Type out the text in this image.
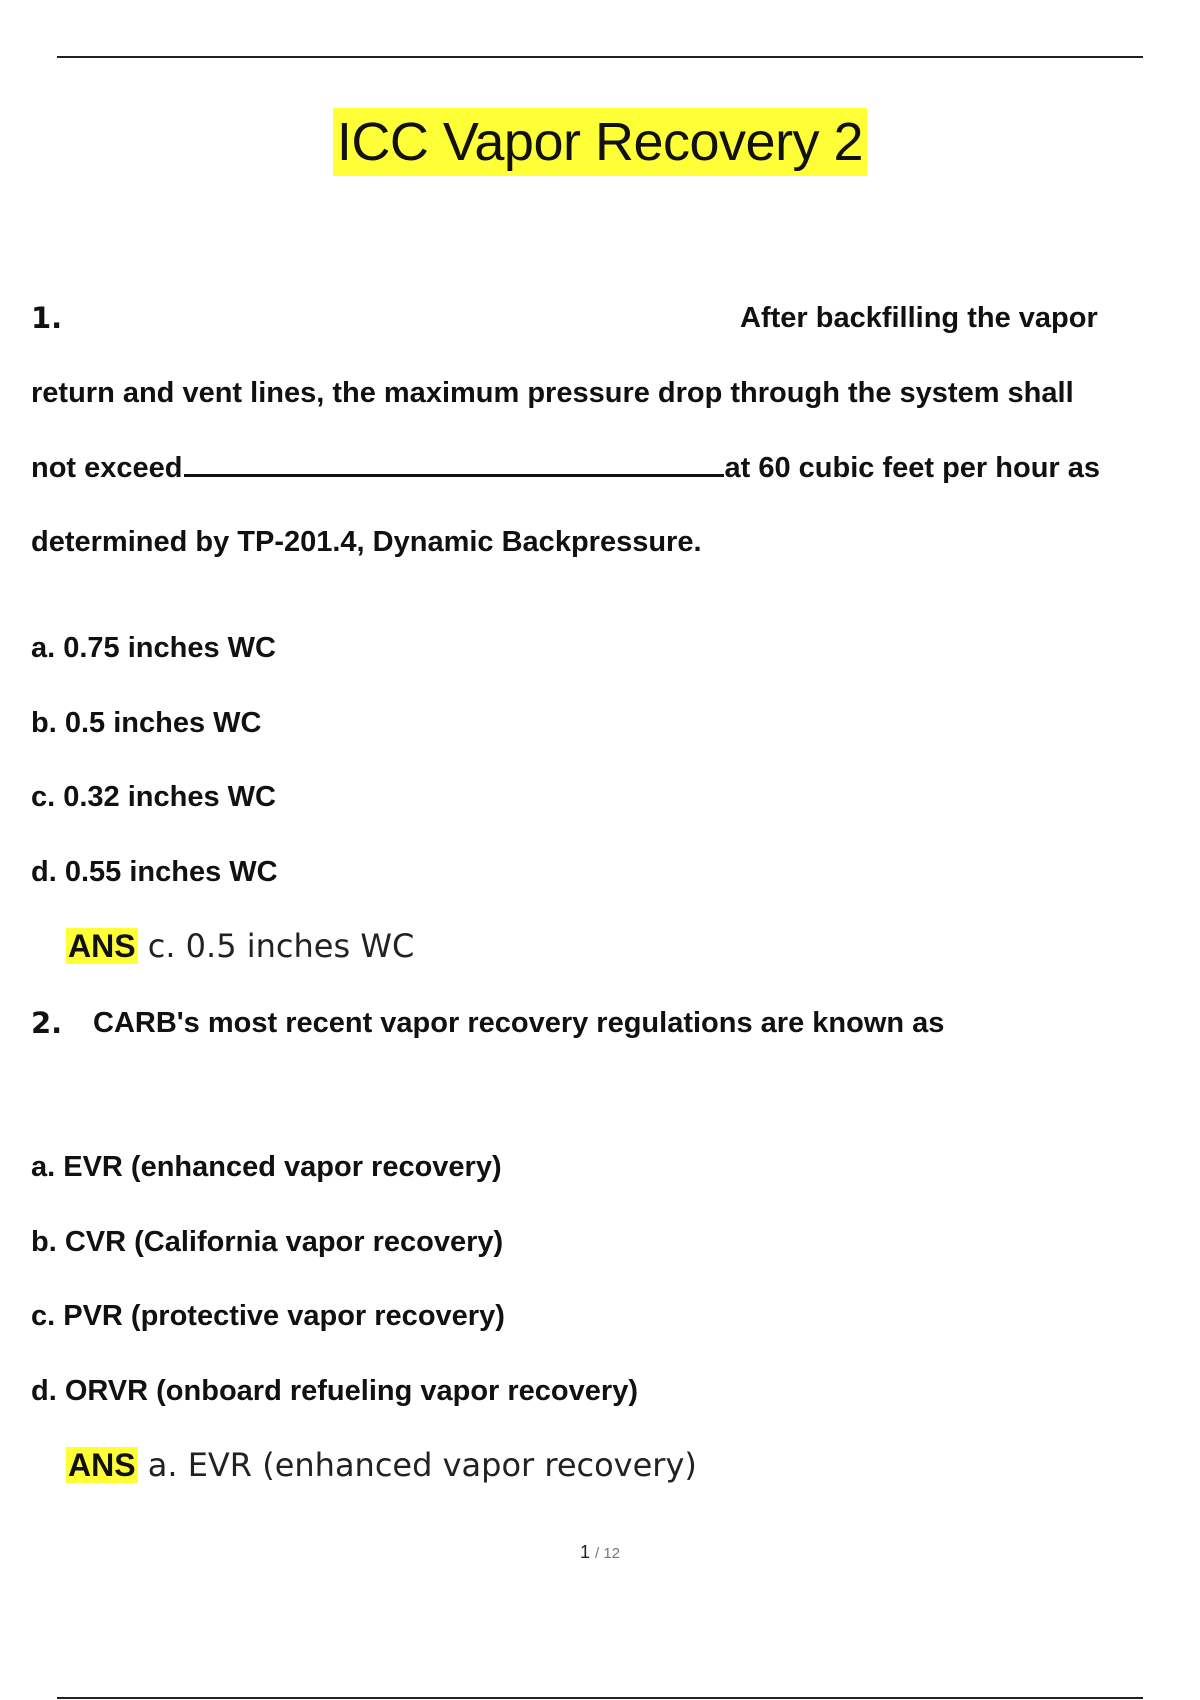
ICC Vapor Recovery 2
1.	After backfilling the vapor

return and vent lines, the maximum pressure drop through the system shall

not exceed	at 60 cubic feet per hour as

determined by TP-201.4, Dynamic Backpressure.

a. 0.75 inches WC

b. 0.5 inches WC

c. 0.32 inches WC

d. 0.55 inches WC

ANS c. 0.5 inches WC
2. CARB's most recent vapor recovery regulations are known as

a. EVR (enhanced vapor recovery)

b. CVR (California vapor recovery)

c. PVR (protective vapor recovery)

d. ORVR (onboard refueling vapor recovery)

ANS a. EVR (enhanced vapor recovery)
1 / 12
